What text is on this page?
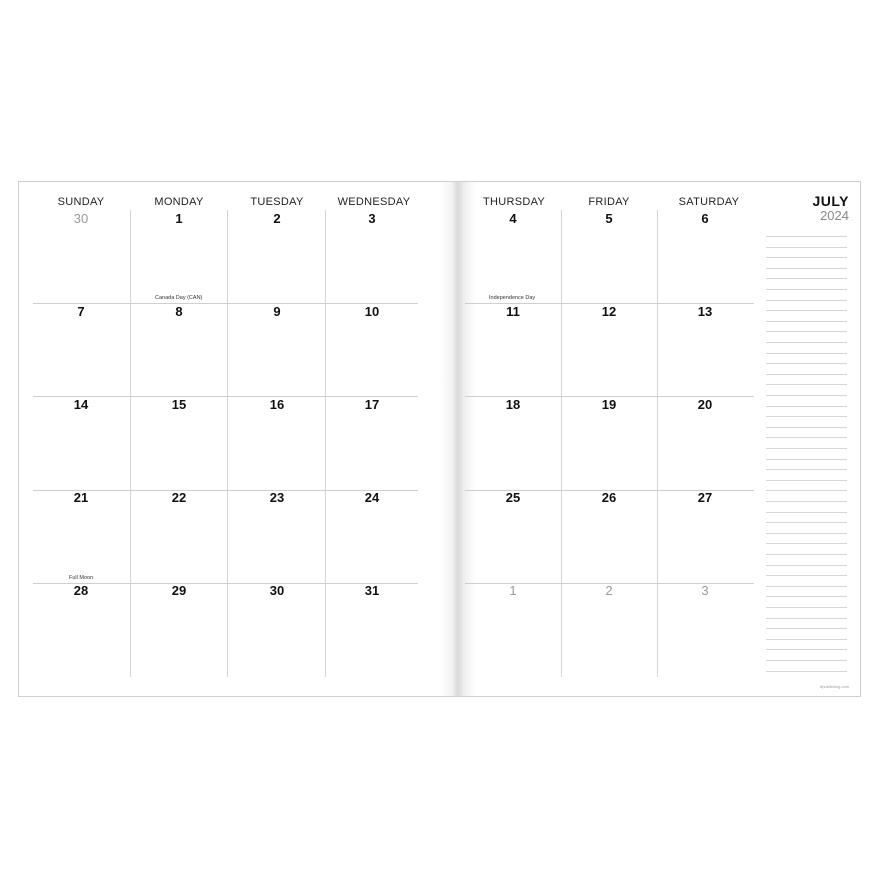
SUNDAY	MONDAY	TUESDAY	WEDNESDAY	THURSDAY	FRIDAY	SATURDAY	JULY
2024
30	1	2	3	4	5	6
7	8	9	10	11	12	13
14	15	16	17	18	19	20
21	22	23	24	25	26	27
28	29	30	31	1	2	3
Canada Day (CAN)	Independence Day
Full Moon
tfpublishing.com
